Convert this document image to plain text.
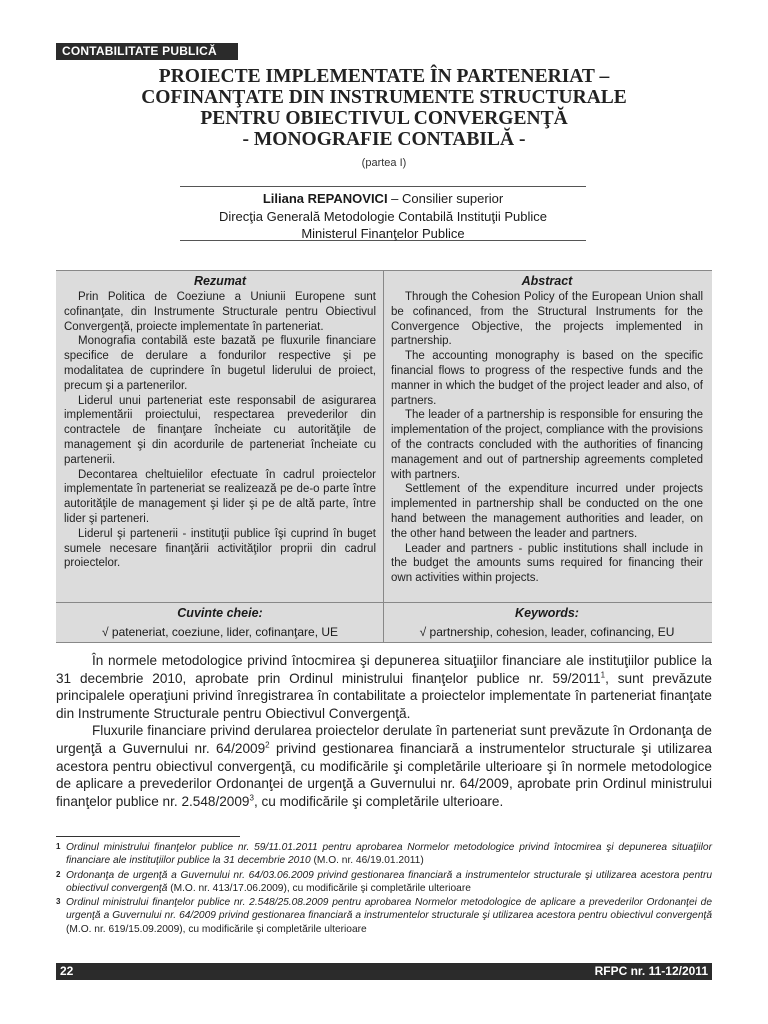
CONTABILITATE PUBLICĂ
PROIECTE IMPLEMENTATE ÎN PARTENERIAT –
COFINANŢATE DIN INSTRUMENTE STRUCTURALE
PENTRU OBIECTIVUL CONVERGENŢĂ
- MONOGRAFIE CONTABILĂ -
(partea I)
Liliana REPANOVICI – Consilier superior
Direcţia Generală Metodologie Contabilă Instituţii Publice
Ministerul Finanţelor Publice
Rezumat

Prin Politica de Coeziune a Uniunii Europene sunt cofinanţate, din Instrumente Structurale pentru Obiectivul Convergenţă, proiecte implementate în parteneriat.

Monografia contabilă este bazată pe fluxurile financiare specifice de derulare a fondurilor respective şi pe modalitatea de cuprindere în bugetul liderului de proiect, precum şi a partenerilor.

Liderul unui parteneriat este responsabil de asigurarea implementării proiectului, respectarea prevederilor din contractele de finanţare încheiate cu autorităţile de management şi din acordurile de parteneriat încheiate cu partenerii.

Decontarea cheltuielilor efectuate în cadrul proiectelor implementate în parteneriat se realizează pe de-o parte între autorităţile de management şi lider şi pe de altă parte, între lider şi parteneri.

Liderul şi partenerii - instituţii publice îşi cuprind în buget sumele necesare finanţării activităţilor proprii din cadrul proiectelor.

Abstract

Through the Cohesion Policy of the European Union shall be cofinanced, from the Structural Instruments for the Convergence Objective, the projects implemented in partnership.

The accounting monography is based on the specific financial flows to progress of the respective funds and the manner in which the budget of the project leader and also, of partners.

The leader of a partnership is responsible for ensuring the implementation of the project, compliance with the provisions of the contracts concluded with the authorities of financing management and out of partnership agreements completed with partners.

Settlement of the expenditure incurred under projects implemented in partnership shall be conducted on the one hand between the management authorities and leader, on the other hand between the leader and partners.

Leader and partners - public institutions shall include in the budget the amounts sums required for financing their own activities within projects.

Cuvinte cheie:
√ pateneriat, coeziune, lider, cofinanţare, UE
Keywords:
√ partnership, cohesion, leader, cofinancing, EU

În normele metodologice privind întocmirea şi depunerea situaţiilor financiare ale instituţiilor publice la 31 decembrie 2010, aprobate prin Ordinul ministrului finanţelor publice nr. 59/2011$^1$, sunt prevăzute principalele operaţiuni privind înregistrarea în contabilitate a proiectelor implementate în parteneriat finanţate din Instrumente Structurale pentru Obiectivul Convergenţă.

Fluxurile financiare privind derularea proiectelor derulate în parteneriat sunt prevăzute în Ordonanţa de urgenţă a Guvernului nr. 64/2009$^2$ privind gestionarea financiară a instrumentelor structurale şi utilizarea acestora pentru obiectivul convergenţă, cu modificările şi completările ulterioare şi în normele metodologice de aplicare a prevederilor Ordonanţei de urgenţă a Guvernului nr. 64/2009, aprobate prin Ordinul ministrului finanţelor publice nr. 2.548/2009$^3$, cu modificările şi completările ulterioare.

1 Ordinul ministrului finanţelor publice nr. 59/11.01.2011 pentru aprobarea Normelor metodologice privind întocmirea şi depunerea situaţiilor financiare ale instituţiilor publice la 31 decembrie 2010 (M.O. nr. 46/19.01.2011)
2 Ordonanţa de urgenţă a Guvernului nr. 64/03.06.2009 privind gestionarea financiară a instrumentelor structurale şi utilizarea acestora pentru obiectivul convergenţă (M.O. nr. 413/17.06.2009), cu modificările şi completările ulterioare
3 Ordinul ministrului finanţelor publice nr. 2.548/25.08.2009 pentru aprobarea Normelor metodologice de aplicare a prevederilor Ordonanţei de urgenţă a Guvernului nr. 64/2009 privind gestionarea financiară a instrumentelor structurale şi utilizarea acestora pentru obiectivul convergenţă (M.O. nr. 619/15.09.2009), cu modificările şi completările ulterioare
22	RFPC nr. 11-12/2011
